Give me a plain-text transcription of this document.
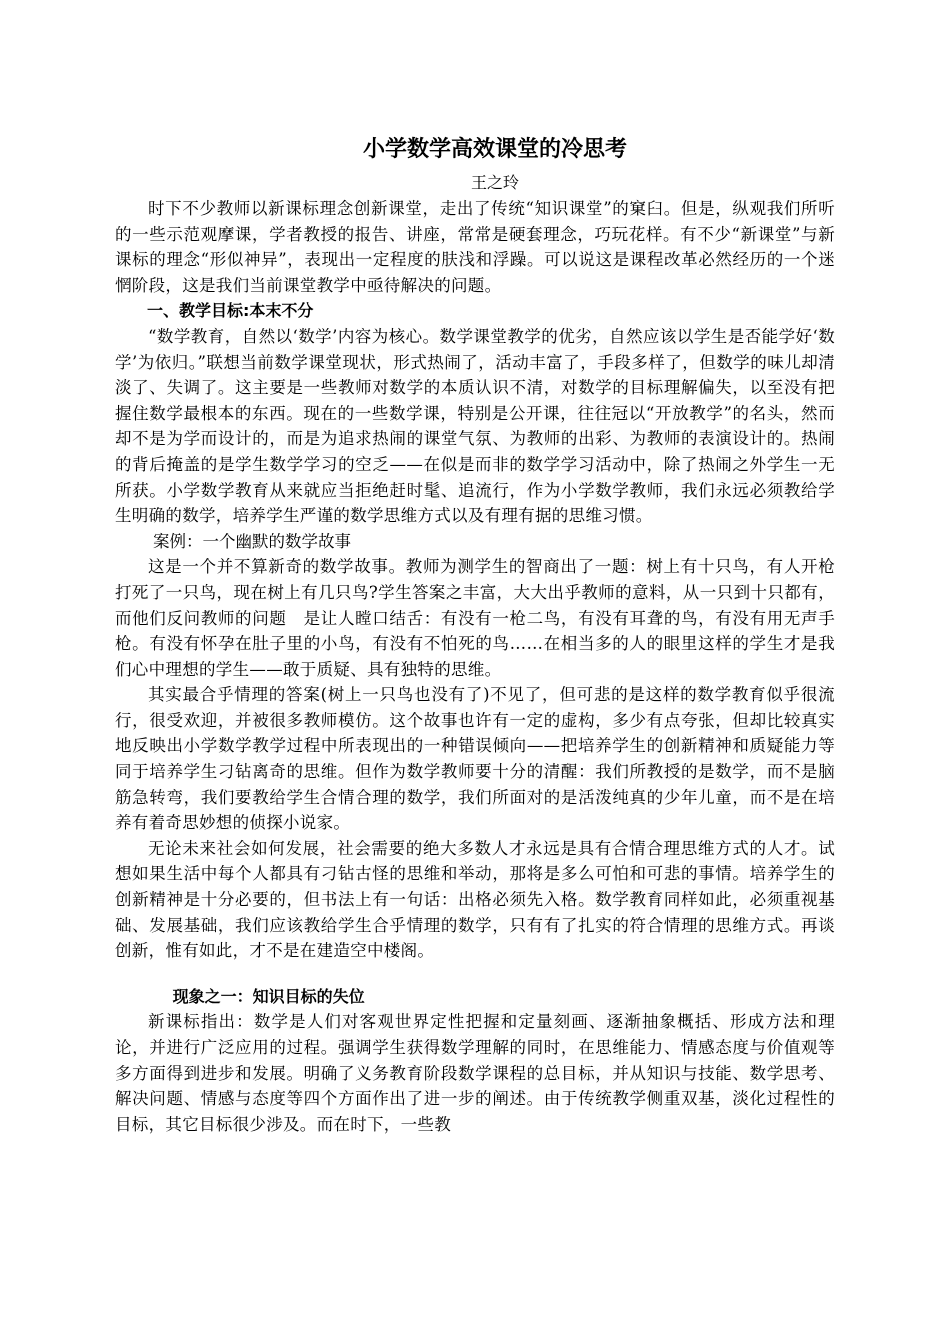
小学数学高效课堂的冷思考

王之玲

时下不少教师以新课标理念创新课堂，走出了传统“知识课堂”的窠臼。但是，纵观我们所听的一些示范观摩课，学者教授的报告、讲座，常常是硬套理念，巧玩花样。有不少“新课堂”与新课标的理念“形似神异”，表现出一定程度的肤浅和浮躁。可以说这是课程改革必然经历的一个迷惘阶段，这是我们当前课堂教学中亟待解决的问题。

一、教学目标:本末不分

“数学教育，自然以‘数学’内容为核心。数学课堂教学的优劣，自然应该以学生是否能学好‘数学’为依归。”联想当前数学课堂现状，形式热闹了，活动丰富了，手段多样了，但数学的味儿却清淡了、失调了。这主要是一些教师对数学的本质认识不清，对数学的目标理解偏失，以至没有把握住数学最根本的东西。现在的一些数学课，特别是公开课，往往冠以“开放教学”的名头，然而却不是为学而设计的，而是为追求热闹的课堂气氛、为教师的出彩、为教师的表演设计的。热闹的背后掩盖的是学生数学学习的空乏——在似是而非的数学学习活动中，除了热闹之外学生一无所获。小学数学教育从来就应当拒绝赶时髦、追流行，作为小学数学教师，我们永远必须教给学生明确的数学，培养学生严谨的数学思维方式以及有理有据的思维习惯。

案例：一个幽默的数学故事

这是一个并不算新奇的数学故事。教师为测学生的智商出了一题：树上有十只鸟，有人开枪打死了一只鸟，现在树上有几只鸟?学生答案之丰富，大大出乎教师的意料，从一只到十只都有，而他们反问教师的问题　是让人瞠口结舌：有没有一枪二鸟，有没有耳聋的鸟，有没有用无声手枪。有没有怀孕在肚子里的小鸟，有没有不怕死的鸟……在相当多的人的眼里这样的学生才是我们心中理想的学生——敢于质疑、具有独特的思维。

其实最合乎情理的答案(树上一只鸟也没有了)不见了，但可悲的是这样的数学教育似乎很流行，很受欢迎，并被很多教师模仿。这个故事也许有一定的虚构，多少有点夸张，但却比较真实地反映出小学数学教学过程中所表现出的一种错误倾向——把培养学生的创新精神和质疑能力等同于培养学生刁钻离奇的思维。但作为数学教师要十分的清醒：我们所教授的是数学，而不是脑筋急转弯，我们要教给学生合情合理的数学，我们所面对的是活泼纯真的少年儿童，而不是在培养有着奇思妙想的侦探小说家。

无论未来社会如何发展，社会需要的绝大多数人才永远是具有合情合理思维方式的人才。试想如果生活中每个人都具有刁钻古怪的思维和举动，那将是多么可怕和可悲的事情。培养学生的创新精神是十分必要的，但书法上有一句话：出格必须先入格。数学教育同样如此，必须重视基础、发展基础，我们应该教给学生合乎情理的数学，只有有了扎实的符合情理的思维方式。再谈创新，惟有如此，才不是在建造空中楼阁。

现象之一：知识目标的失位

新课标指出：数学是人们对客观世界定性把握和定量刻画、逐渐抽象概括、形成方法和理论，并进行广泛应用的过程。强调学生获得数学理解的同时，在思维能力、情感态度与价值观等多方面得到进步和发展。明确了义务教育阶段数学课程的总目标，并从知识与技能、数学思考、解决问题、情感与态度等四个方面作出了进一步的阐述。由于传统教学侧重双基，淡化过程性的目标，其它目标很少涉及。而在时下，一些教
